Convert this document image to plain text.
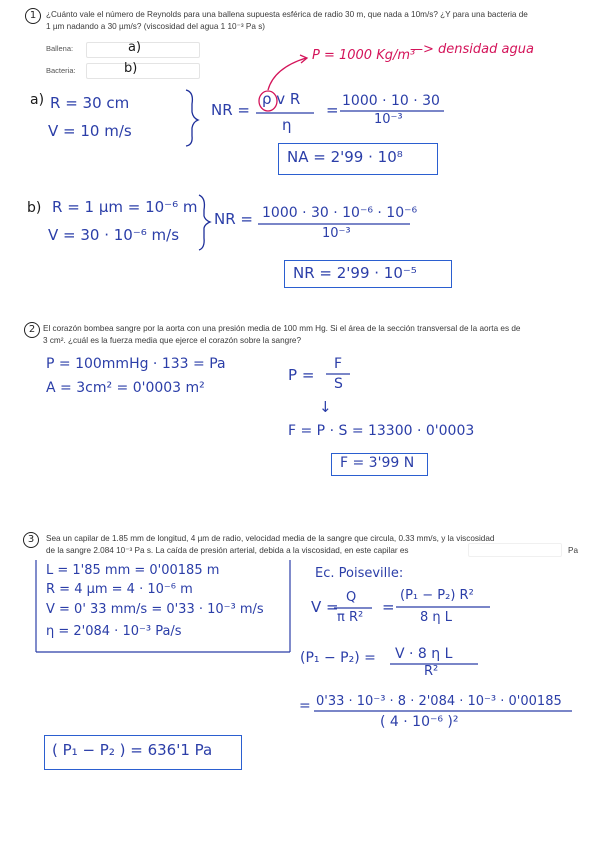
1	¿Cuánto vale el número de Reynolds para una ballena supuesta esférica de radio 30 m, que nada a 10m/s? ¿Y para una bacteria de
1 µm nadando a 30 µm/s? (viscosidad del agua 1 10⁻³ Pa s)
Ballena:	a)
Bacteria:	b)
P = 1000 Kg/m³
—> densidad agua
a) R = 30 cm
V = 10 m/s
NR =
ρ v R
η
= 1000 · 10 · 30
10⁻³
NA = 2'99 · 10⁸
b) R = 1 µm = 10⁻⁶ m
V = 30 · 10⁻⁶ m/s
NR = 1000 · 30 · 10⁻⁶ · 10⁻⁶
10⁻³
NR = 2'99 · 10⁻⁵
2 El corazón bombea sangre por la aorta con una presión media de 100 mm Hg. Si el área de la sección transversal de la aorta es de
3 cm². ¿cuál es la fuerza media que ejerce el corazón sobre la sangre?
P = 100mmHg · 133 = Pa
A = 3cm² = 0'0003 m²
P =
F
S
↓
F = P · S = 13300 · 0'0003
F = 3'99 N
3	Sea un capilar de 1.85 mm de longitud, 4 µm de radio, velocidad media de la sangre que circula, 0.33 mm/s, y la viscosidad
de la sangre 2.084 10⁻³ Pa s. La caída de presión arterial, debida a la viscosidad, en este capilar es	Pa
L = 1'85 mm = 0'00185 m
R = 4 µm = 4 · 10⁻⁶ m
V = 0' 33 mm/s = 0'33 · 10⁻³ m/s
η = 2'084 · 10⁻³ Pa/s
Ec. Poiseville:
V =
Q
π R²
=
(P₁ − P₂) R²
8 η L
(P₁ − P₂) = V · 8 η L
R²
= 0'33 · 10⁻³ · 8 · 2'084 · 10⁻³ · 0'00185
( 4 · 10⁻⁶ )²
( P₁ − P₂ ) = 636'1 Pa
